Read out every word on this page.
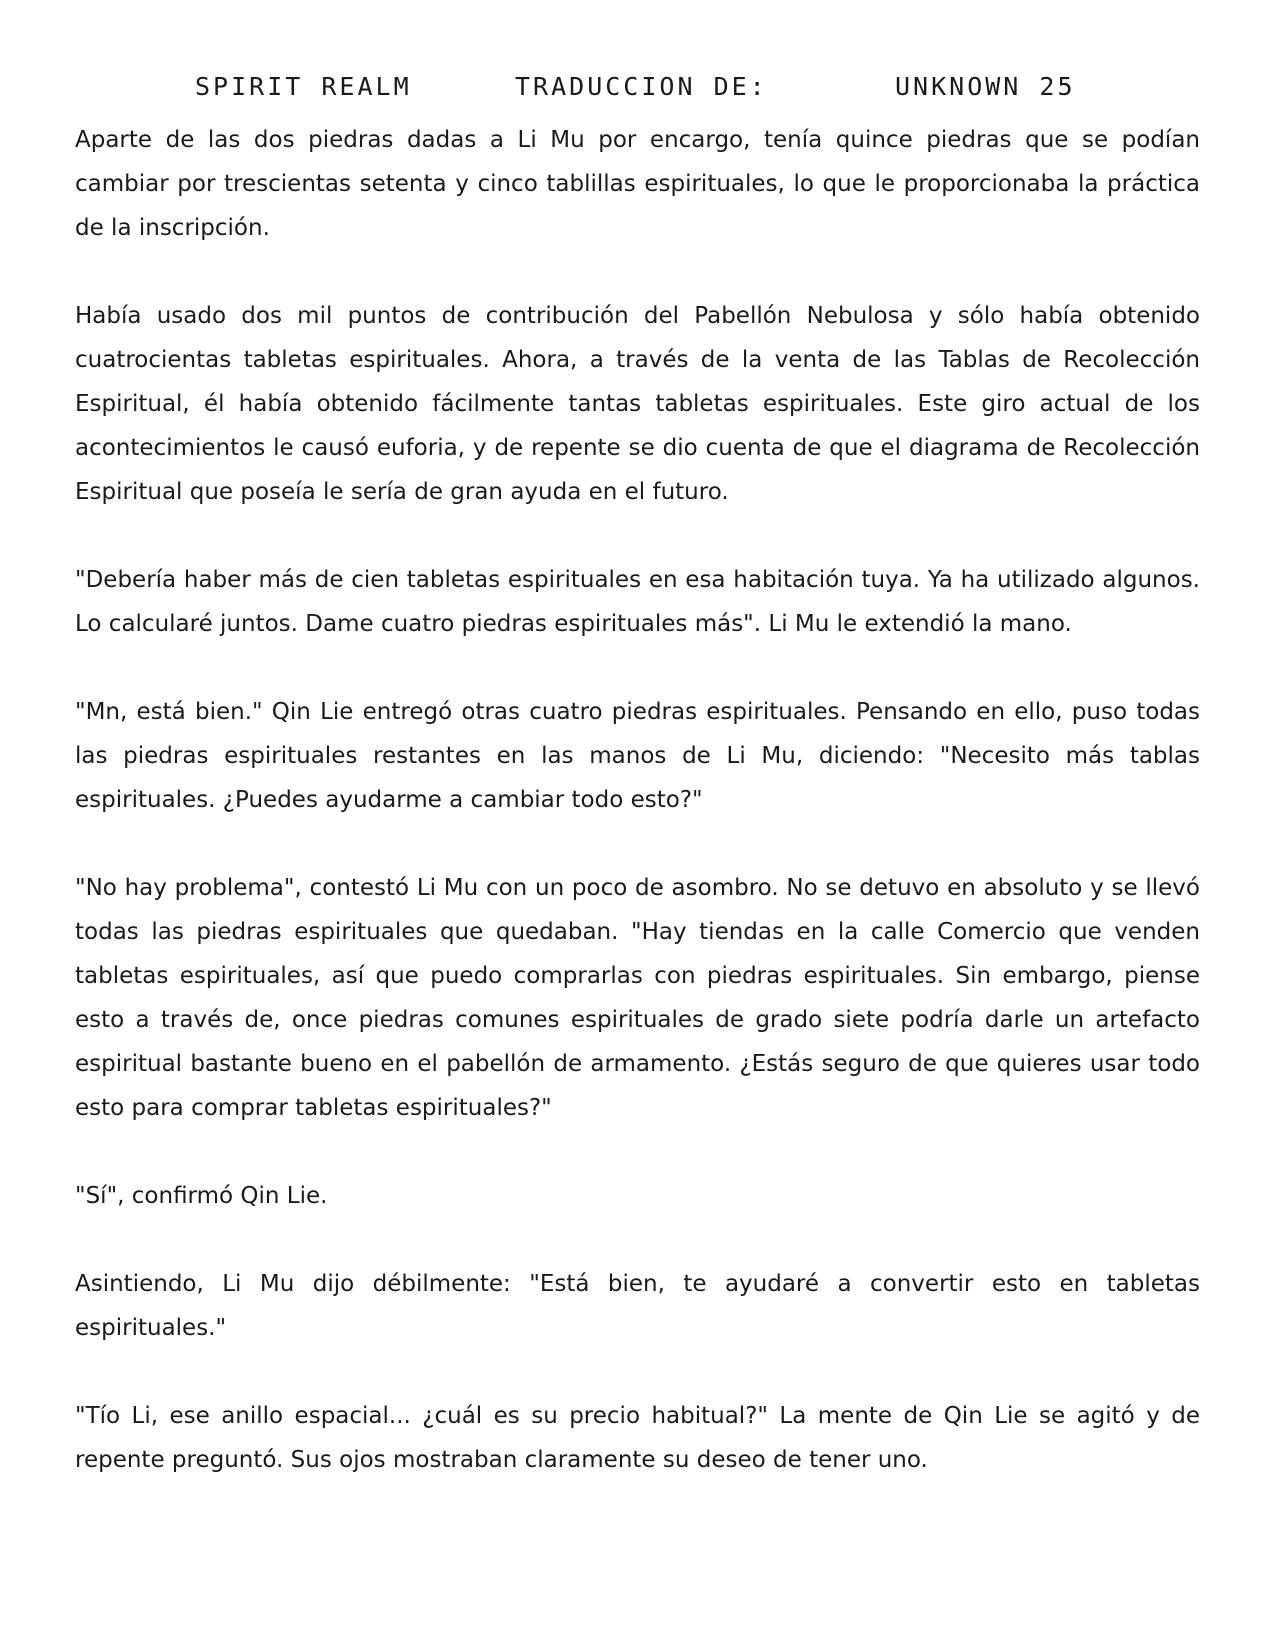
SPIRIT REALM	TRADUCCION DE:	UNKNOWN 25

Aparte de las dos piedras dadas a Li Mu por encargo, tenía quince piedras que se podían cambiar por trescientas setenta y cinco tablillas espirituales, lo que le proporcionaba la práctica de la inscripción.

Había usado dos mil puntos de contribución del Pabellón Nebulosa y sólo había obtenido cuatrocientas tabletas espirituales. Ahora, a través de la venta de las Tablas de Recolección Espiritual, él había obtenido fácilmente tantas tabletas espirituales. Este giro actual de los acontecimientos le causó euforia, y de repente se dio cuenta de que el diagrama de Recolección Espiritual que poseía le sería de gran ayuda en el futuro.

"Debería haber más de cien tabletas espirituales en esa habitación tuya. Ya ha utilizado algunos. Lo calcularé juntos. Dame cuatro piedras espirituales más". Li Mu le extendió la mano.

"Mn, está bien." Qin Lie entregó otras cuatro piedras espirituales. Pensando en ello, puso todas las piedras espirituales restantes en las manos de Li Mu, diciendo: "Necesito más tablas espirituales. ¿Puedes ayudarme a cambiar todo esto?"

"No hay problema", contestó Li Mu con un poco de asombro. No se detuvo en absoluto y se llevó todas las piedras espirituales que quedaban. "Hay tiendas en la calle Comercio que venden tabletas espirituales, así que puedo comprarlas con piedras espirituales. Sin embargo, piense esto a través de, once piedras comunes espirituales de grado siete podría darle un artefacto espiritual bastante bueno en el pabellón de armamento. ¿Estás seguro de que quieres usar todo esto para comprar tabletas espirituales?"

"Sí", confirmó Qin Lie.

Asintiendo, Li Mu dijo débilmente: "Está bien, te ayudaré a convertir esto en tabletas espirituales."

"Tío Li, ese anillo espacial... ¿cuál es su precio habitual?" La mente de Qin Lie se agitó y de repente preguntó. Sus ojos mostraban claramente su deseo de tener uno.
